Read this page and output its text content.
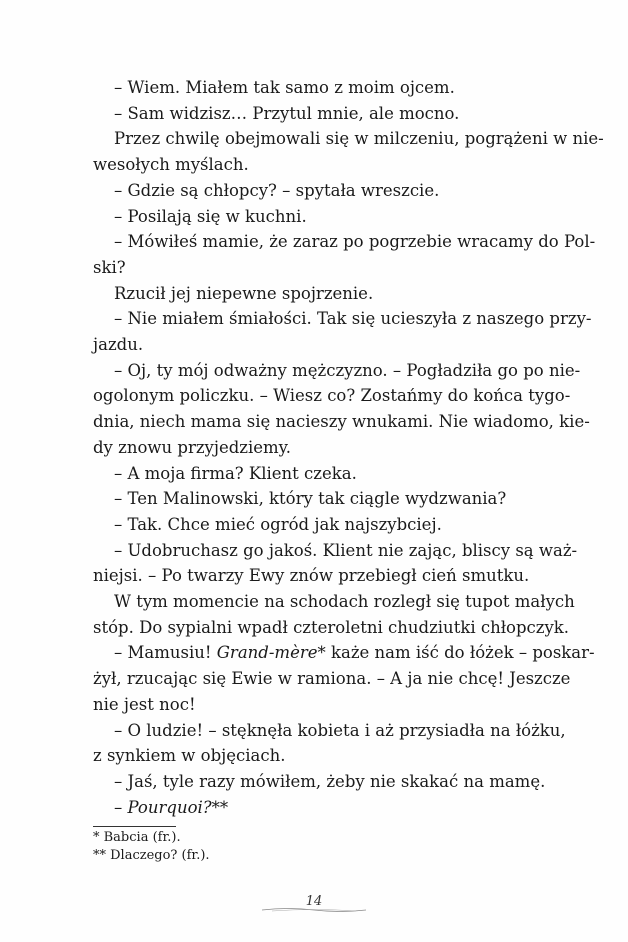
– Wiem. Miałem tak samo z moim ojcem.
– Sam widzisz… Przytul mnie, ale mocno.
Przez chwilę obejmowali się w milczeniu, pogrążeni w nie-
wesołych myślach.
– Gdzie są chłopcy? – spytała wreszcie.
– Posilają się w kuchni.
– Mówiłeś mamie, że zaraz po pogrzebie wracamy do Pol-
ski?
Rzucił jej niepewne spojrzenie.
– Nie miałem śmiałości. Tak się ucieszyła z naszego przy-
jazdu.
– Oj, ty mój odważny mężczyzno. – Pogładziła go po nie-
ogolonym policzku. – Wiesz co? Zostańmy do końca tygo-
dnia, niech mama się nacieszy wnukami. Nie wiadomo, kie-
dy znowu przyjedziemy.
– A moja firma? Klient czeka.
– Ten Malinowski, który tak ciągle wydzwania?
– Tak. Chce mieć ogród jak najszybciej.
– Udobruchasz go jakoś. Klient nie zając, bliscy są waż-
niejsi. – Po twarzy Ewy znów przebiegł cień smutku.
W tym momencie na schodach rozległ się tupot małych
stóp. Do sypialni wpadł czteroletni chudziutki chłopczyk.
– Mamusiu! Grand-mère* każe nam iść do łóżek – poskar-
żył, rzucając się Ewie w ramiona. – A ja nie chcę! Jeszcze
nie jest noc!
– O ludzie! – stęknęła kobieta i aż przysiadła na łóżku,
z synkiem w objęciach.
– Jaś, tyle razy mówiłem, żeby nie skakać na mamę.
– Pourquoi?**
* Babcia (fr.).
** Dlaczego? (fr.).
14
